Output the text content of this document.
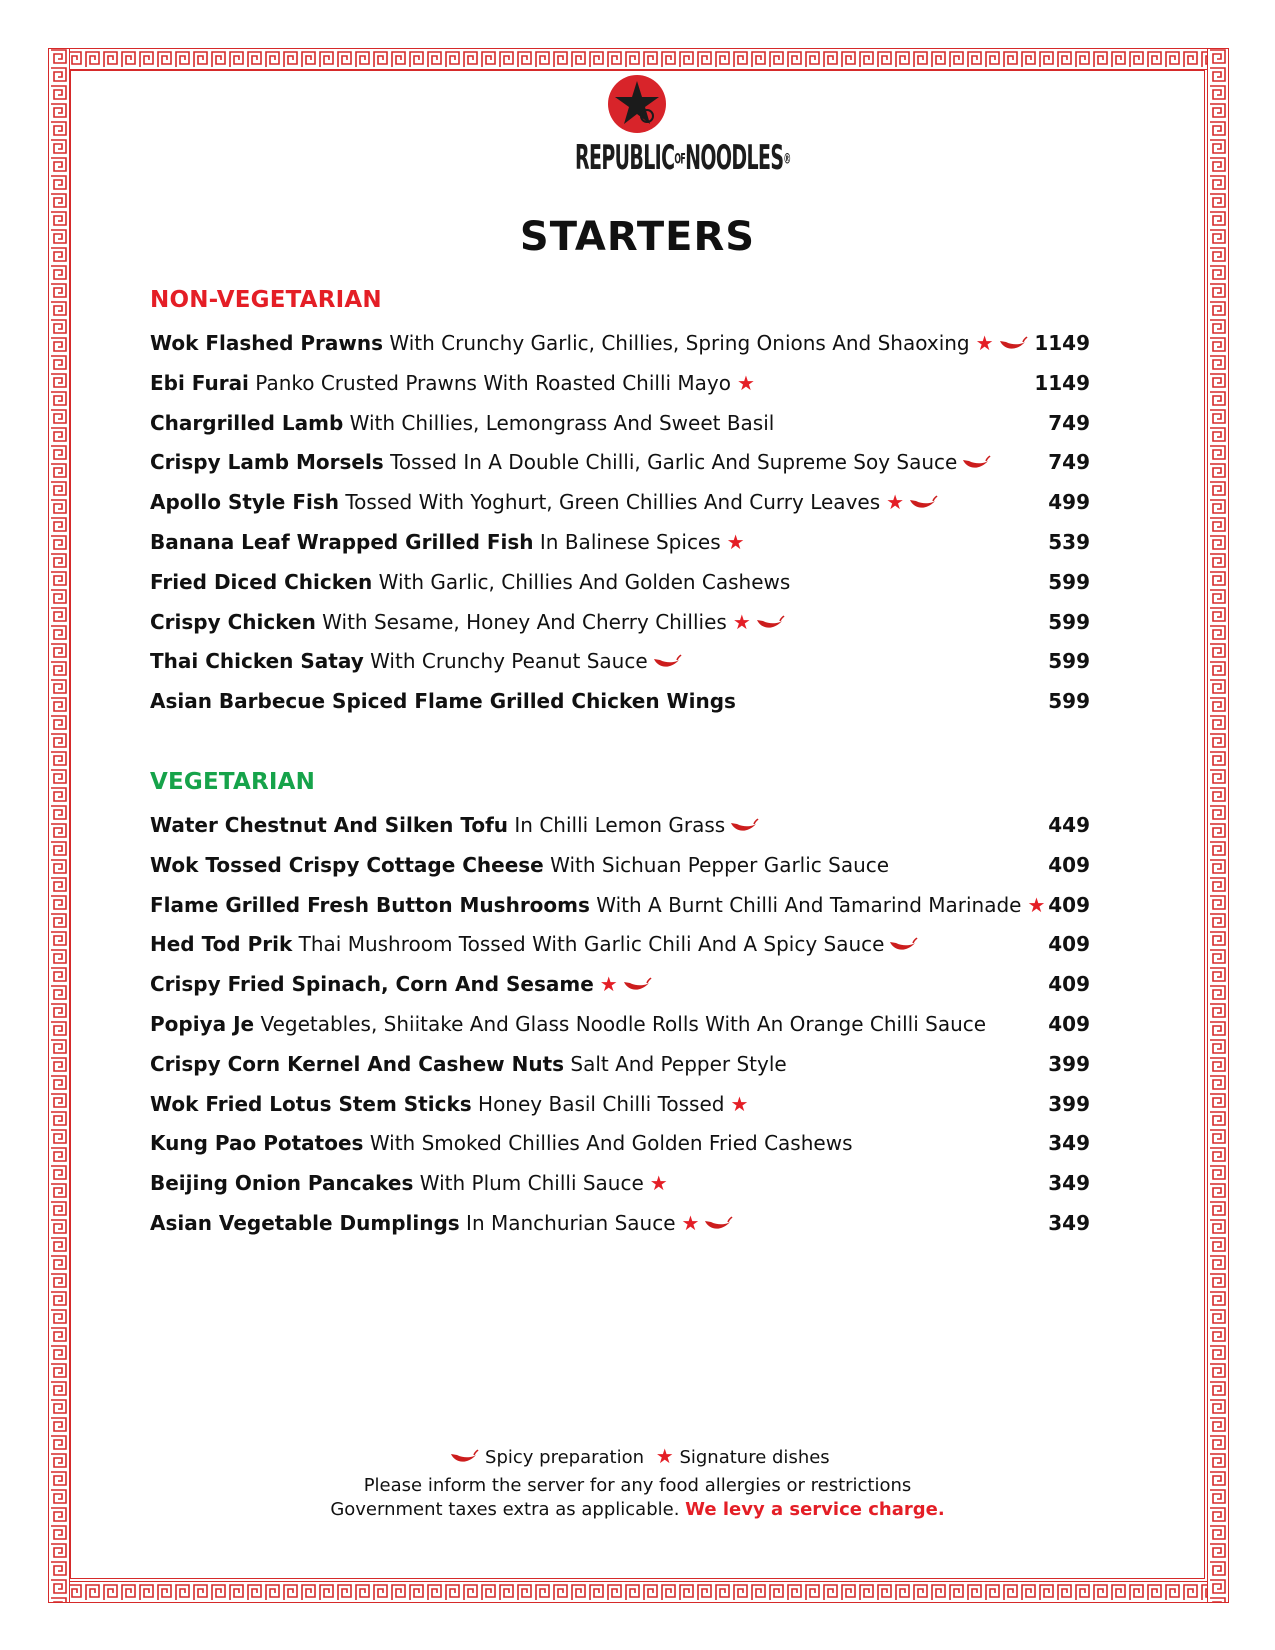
REPUBLICOFNOODLES®
STARTERS
NON-VEGETARIAN
Wok Flashed Prawns With Crunchy Garlic, Chillies, Spring Onions And Shaoxing ★	1149
Ebi Furai Panko Crusted Prawns With Roasted Chilli Mayo ★	1149
Chargrilled Lamb With Chillies, Lemongrass And Sweet Basil	749
Crispy Lamb Morsels Tossed In A Double Chilli, Garlic And Supreme Soy Sauce	749
Apollo Style Fish Tossed With Yoghurt, Green Chillies And Curry Leaves ★	499
Banana Leaf Wrapped Grilled Fish In Balinese Spices ★	539
Fried Diced Chicken With Garlic, Chillies And Golden Cashews	599
Crispy Chicken With Sesame, Honey And Cherry Chillies ★	599
Thai Chicken Satay With Crunchy Peanut Sauce	599
Asian Barbecue Spiced Flame Grilled Chicken Wings	599
VEGETARIAN
Water Chestnut And Silken Tofu In Chilli Lemon Grass	449
Wok Tossed Crispy Cottage Cheese With Sichuan Pepper Garlic Sauce	409
Flame Grilled Fresh Button Mushrooms With A Burnt Chilli And Tamarind Marinade ★ 409
Hed Tod Prik Thai Mushroom Tossed With Garlic Chili And A Spicy Sauce	409
Crispy Fried Spinach, Corn And Sesame ★	409
Popiya Je Vegetables, Shiitake And Glass Noodle Rolls With An Orange Chilli Sauce	409
Crispy Corn Kernel And Cashew Nuts Salt And Pepper Style	399
Wok Fried Lotus Stem Sticks Honey Basil Chilli Tossed ★	399
Kung Pao Potatoes With Smoked Chillies And Golden Fried Cashews	349
Beijing Onion Pancakes With Plum Chilli Sauce ★	349
Asian Vegetable Dumplings In Manchurian Sauce ★	349

Spicy preparation ★ Signature dishes

Please inform the server for any food allergies or restrictions

Government taxes extra as applicable. We levy a service charge.
